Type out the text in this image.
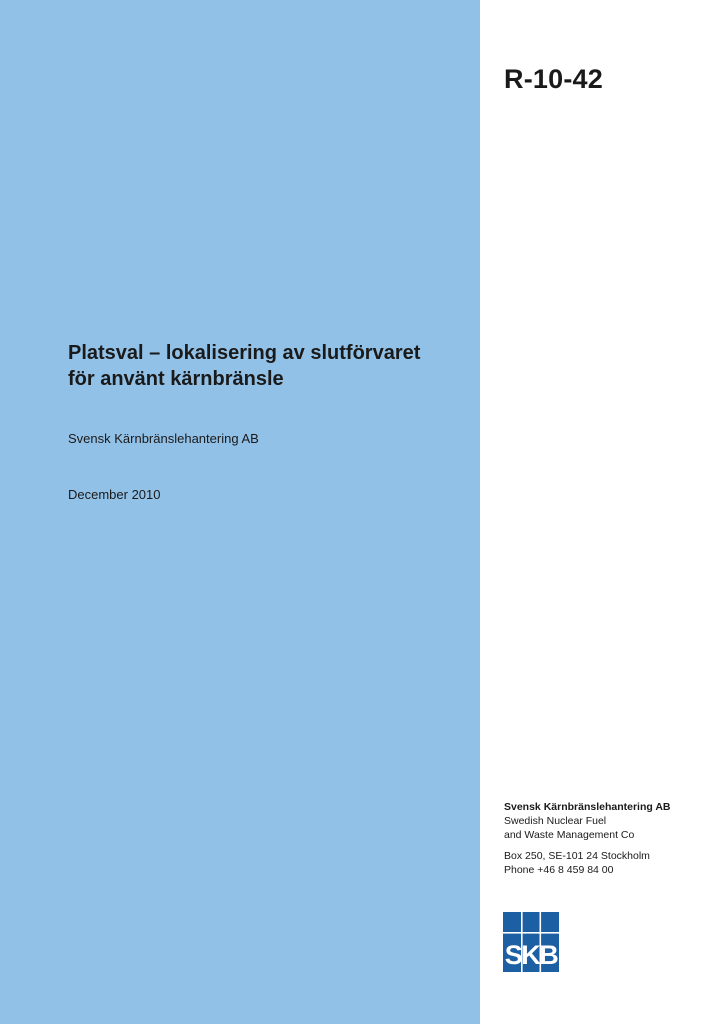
R-10-42
Platsval – lokalisering av slutförvaret
för använt kärnbränsle
Svensk Kärnbränslehantering AB
December 2010
Svensk Kärnbränslehantering AB
Swedish Nuclear Fuel
and Waste Management Co
Box 250, SE-101 24 Stockholm
Phone +46 8 459 84 00
SKB
